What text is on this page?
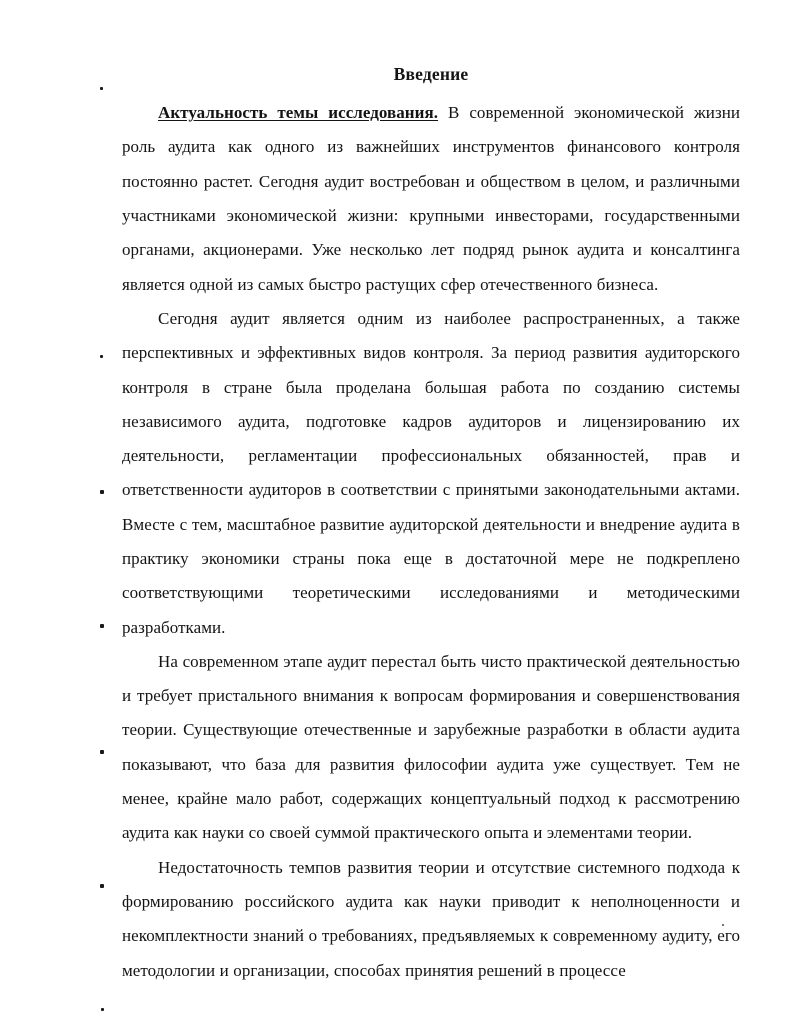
Введение

Актуальность темы исследования. В современной экономической жизни роль аудита как одного из важнейших инструментов финансового контроля постоянно растет. Сегодня аудит востребован и обществом в целом, и различными участниками экономической жизни: крупными инвесторами, государственными органами, акционерами. Уже несколько лет подряд рынок аудита и консалтинга является одной из самых быстро растущих сфер отечественного бизнеса.

Сегодня аудит является одним из наиболее распространенных, а также перспективных и эффективных видов контроля. За период развития аудиторского контроля в стране была проделана большая работа по созданию системы независимого аудита, подготовке кадров аудиторов и лицензированию их деятельности, регламентации профессиональных обязанностей, прав и ответственности аудиторов в соответствии с принятыми законодательными актами. Вместе с тем, масштабное развитие аудиторской деятельности и внедрение аудита в практику экономики страны пока еще в достаточной мере не подкреплено соответствующими теоретическими исследованиями и методическими разработками.

На современном этапе аудит перестал быть чисто практической деятельностью и требует пристального внимания к вопросам формирования и совершенствования теории. Существующие отечественные и зарубежные разработки в области аудита показывают, что база для развития философии аудита уже существует. Тем не менее, крайне мало работ, содержащих концептуальный подход к рассмотрению аудита как науки со своей суммой практического опыта и элементами теории.

Недостаточность темпов развития теории и отсутствие системного подхода к формированию российского аудита как науки приводит к неполноценности и некомплектности знаний о требованиях, предъявляемых к современному аудиту, его методологии и организации, способах принятия решений в процессе
